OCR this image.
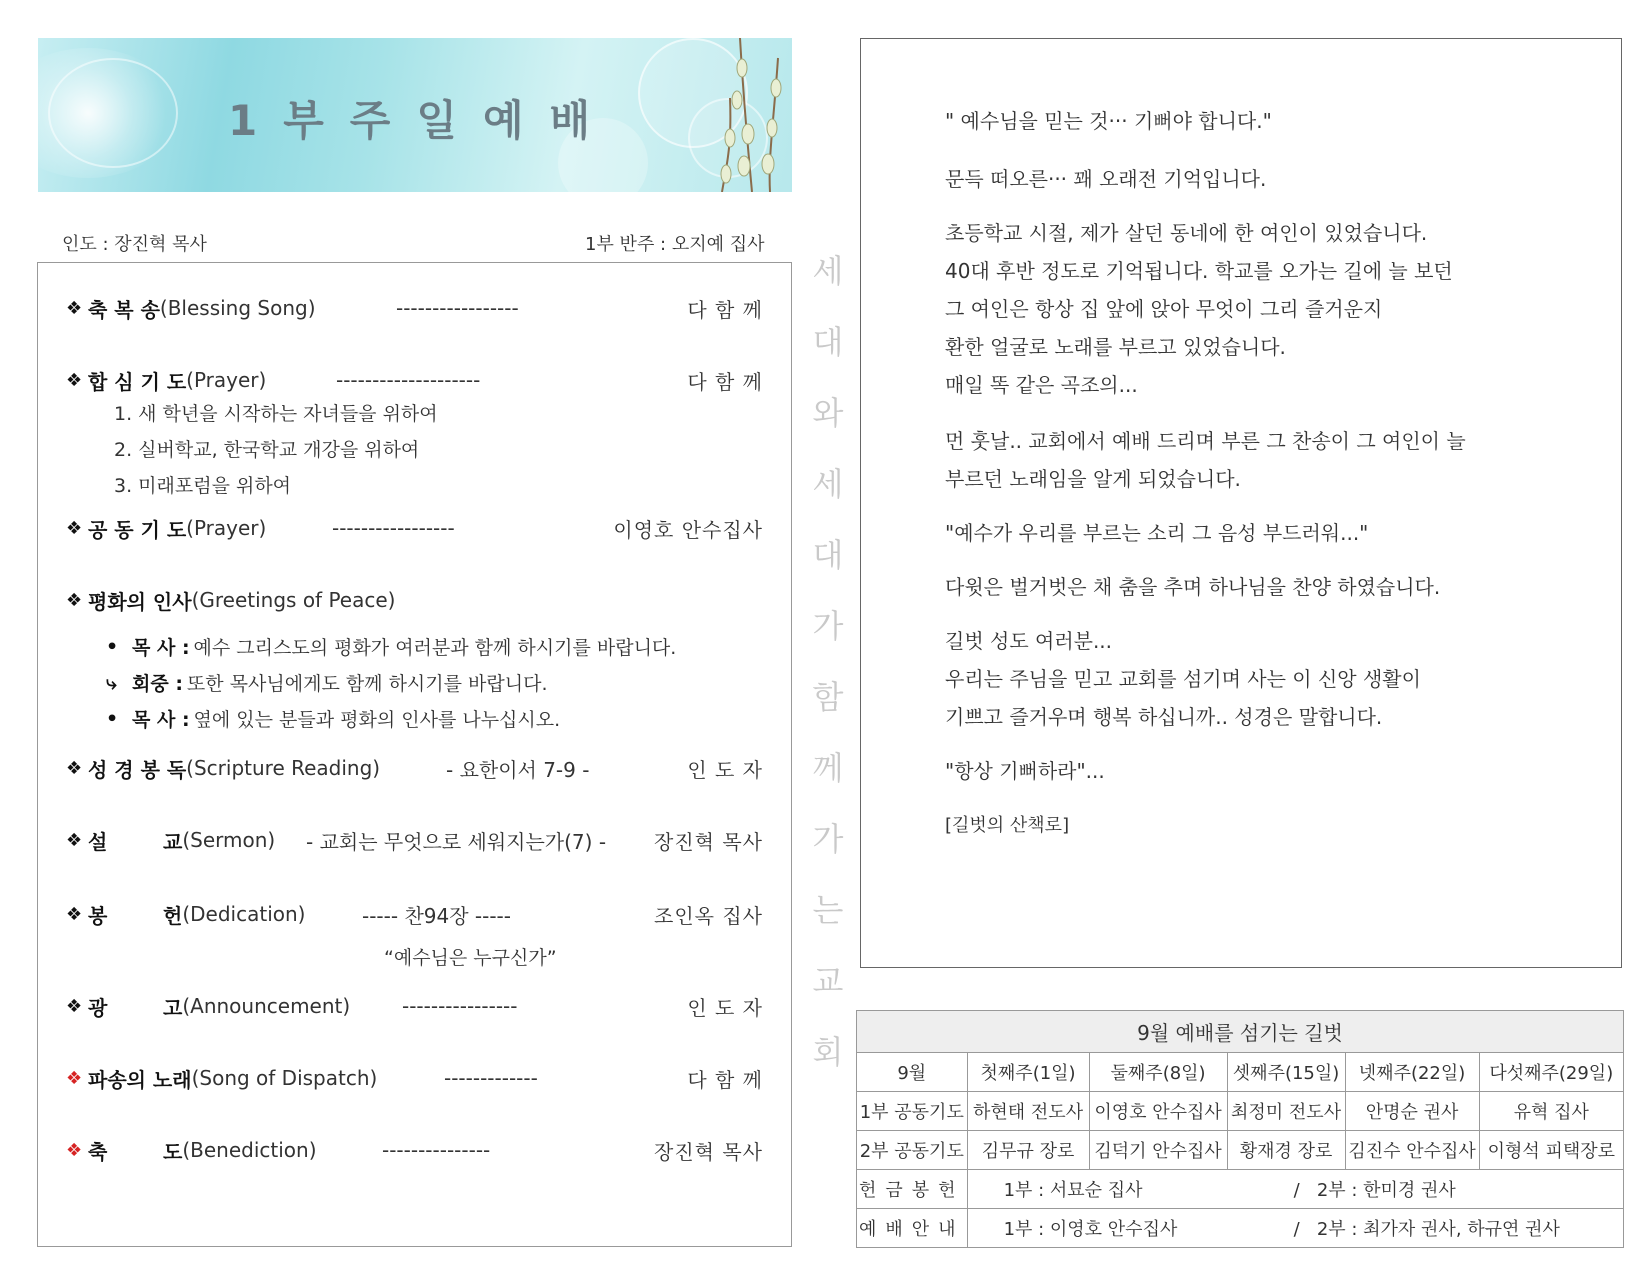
1부주일예배
인도 : 장진혁 목사	1부 반주 : 오지예 집사
❖ 축 복 송 (Blessing Song)	-----------------	다 함 께
❖ 합 심 기 도 (Prayer)	--------------------	다 함 께
1. 새 학년을 시작하는 자녀들을 위하여
2. 실버학교, 한국학교 개강을 위하여
3. 미래포럼을 위하여
❖ 공 동 기 도 (Prayer)	-----------------	이영호 안수집사
❖ 평화의 인사 (Greetings of Peace)
• 목 사 : 예수 그리스도의 평화가 여러분과 함께 하시기를 바랍니다.
⤷ 회중 : 또한 목사님에게도 함께 하시기를 바랍니다.
• 목 사 : 옆에 있는 분들과 평화의 인사를 나누십시오.
❖ 성 경 봉 독 (Scripture Reading)	- 요한이서 7-9 -	인 도 자
❖ 설        교 (Sermon) - 교회는 무엇으로 세워지는가(7) - 장진혁 목사
❖ 봉        헌 (Dedication)	----- 찬94장 -----	조인옥 집사
“예수님은 누구신가”
❖ 광        고 (Announcement)	----------------	인 도 자
❖ 파송의 노래 (Song of Dispatch)	-------------	다 함 께
❖ 축        도 (Benediction)	---------------	장진혁 목사
세
대
와
세
대
가
함
께
가
는
교
회

" 예수님을 믿는 것··· 기뻐야 합니다."

문득 떠오른··· 꽤 오래전 기억입니다.

초등학교 시절, 제가 살던 동네에 한 여인이 있었습니다.

40대 후반 정도로 기억됩니다. 학교를 오가는 길에 늘 보던

그 여인은 항상 집 앞에 앉아 무엇이 그리 즐거운지

환한 얼굴로 노래를 부르고 있었습니다.

매일 똑 같은 곡조의...

먼 훗날.. 교회에서 예배 드리며 부른 그 찬송이 그 여인이 늘

부르던 노래임을 알게 되었습니다.

"예수가 우리를 부르는 소리 그 음성 부드러워..."

다윗은 벌거벗은 채 춤을 추며 하나님을 찬양 하였습니다.

길벗 성도 여러분...

우리는 주님을 믿고 교회를 섬기며 사는 이 신앙 생활이

기쁘고 즐거우며 행복 하십니까.. 성경은 말합니다.

"항상 기뻐하라"...

[길벗의 산책로]

9월 예배를 섬기는 길벗					
9월	첫째주(1일)	둘째주(8일)	셋째주(15일)	넷째주(22일)	다섯째주(29일)
1부 공동기도	하현태 전도사	이영호 안수집사	최정미 전도사	안명순 권사	유혁 집사
2부 공동기도	김무규 장로	김덕기 안수집사	황재경 장로	김진수 안수집사	이형석 피택장로
헌금봉헌	1부 : 서묘순 집사 / 2부 : 한미경 권사				
예배안내	1부 : 이영호 안수집사 / 2부 : 최가자 권사, 하규연 권사				
